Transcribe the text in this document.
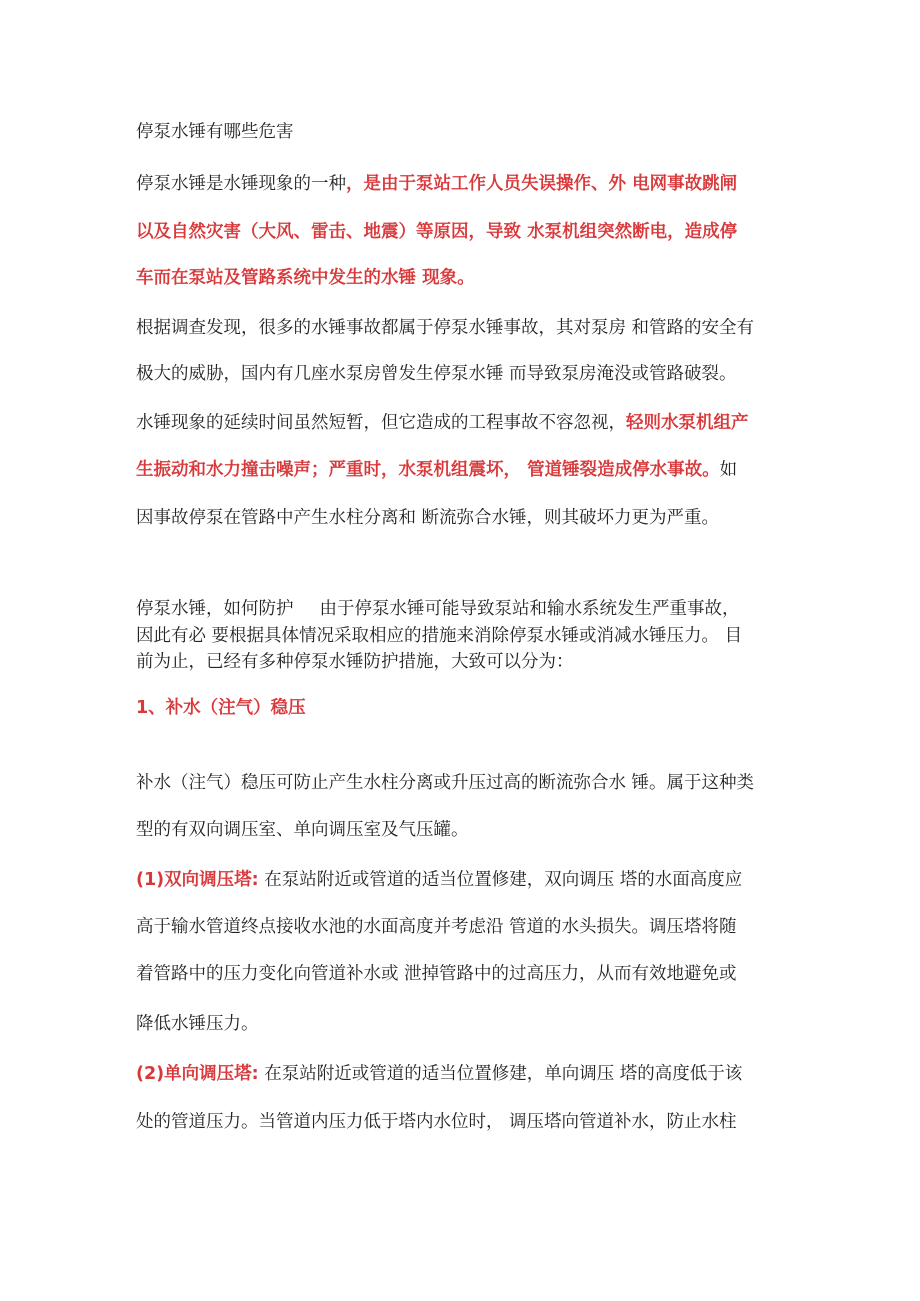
停泵水锤有哪些危害
停泵水锤是水锤现象的一种，是由于泵站工作人员失误操作、外 电网事故跳闸
以及自然灾害（大风、雷击、地震）等原因，导致 水泵机组突然断电，造成停
车而在泵站及管路系统中发生的水锤 现象。
根据调查发现，很多的水锤事故都属于停泵水锤事故，其对泵房 和管路的安全有
极大的威胁，国内有几座水泵房曾发生停泵水锤 而导致泵房淹没或管路破裂。
水锤现象的延续时间虽然短暂，但它造成的工程事故不容忽视，轻则水泵机组产
生振动和水力撞击噪声；严重时，水泵机组震坏， 管道锤裂造成停水事故。如
因事故停泵在管路中产生水柱分离和 断流弥合水锤，则其破坏力更为严重。
停泵水锤，如何防护 由于停泵水锤可能导致泵站和输水系统发生严重事故，
因此有必 要根据具体情况采取相应的措施来消除停泵水锤或消减水锤压力。 目
前为止，已经有多种停泵水锤防护措施，大致可以分为：
1、补水（注气）稳压
补水（注气）稳压可防止产生水柱分离或升压过高的断流弥合水 锤。属于这种类
型的有双向调压室、单向调压室及气压罐。
(1)双向调压塔: 在泵站附近或管道的适当位置修建，双向调压 塔的水面高度应
高于输水管道终点接收水池的水面高度并考虑沿 管道的水头损失。调压塔将随
着管路中的压力变化向管道补水或 泄掉管路中的过高压力，从而有效地避免或
降低水锤压力。
(2)单向调压塔: 在泵站附近或管道的适当位置修建，单向调压 塔的高度低于该
处的管道压力。当管道内压力低于塔内水位时， 调压塔向管道补水，防止水柱
